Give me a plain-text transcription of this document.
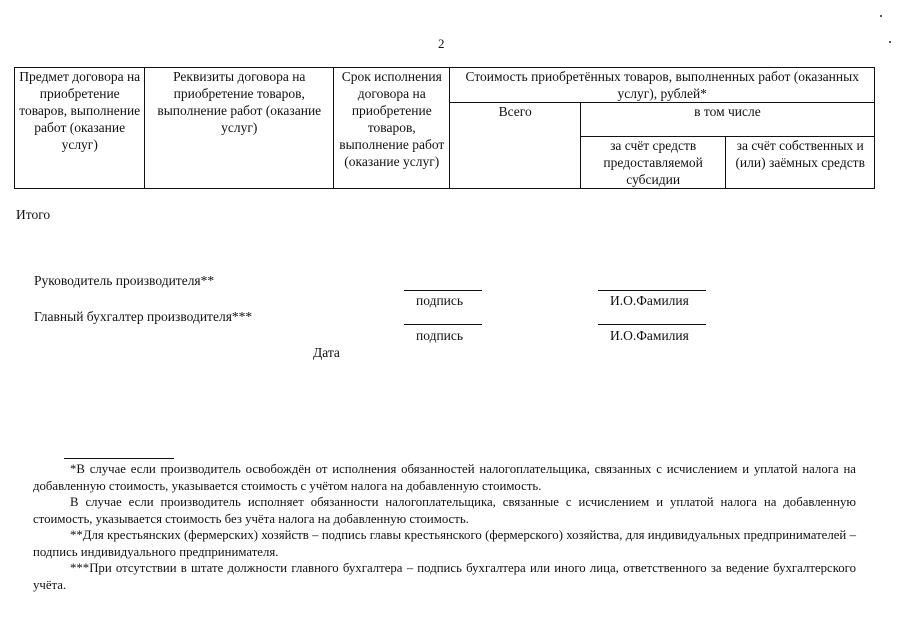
2
Предмет договора на приобретение товаров, выполнение работ (оказание услуг)	Реквизиты договора на приобретение товаров, выполнение работ (оказание услуг)	Срок исполнения договора на приобретение товаров, выполнение работ (оказание услуг)	Стоимость приобретённых товаров, выполненных работ (оказанных услуг), рублей*		
			Всего	в том числе	
				за счёт средств предоставляемой субсидии	за счёт собственных и (или) заёмных средств
Итого
Руководитель производителя**
подпись	И.О.Фамилия
Главный бухгалтер производителя***
подпись	И.О.Фамилия
Дата

*В случае если производитель освобождён от исполнения обязанностей налогоплательщика, связанных с исчислением и уплатой налога на добавленную стоимость, указывается стоимость с учётом налога на добавленную стоимость.

В случае если производитель исполняет обязанности налогоплательщика, связанные с исчислением и уплатой налога на добавленную стоимость, указывается стоимость без учёта налога на добавленную стоимость.

**Для крестьянских (фермерских) хозяйств – подпись главы крестьянского (фермерского) хозяйства, для индивидуальных предпринимателей – подпись индивидуального предпринимателя.

***При отсутствии в штате должности главного бухгалтера – подпись бухгалтера или иного лица, ответственного за ведение бухгалтерского учёта.
